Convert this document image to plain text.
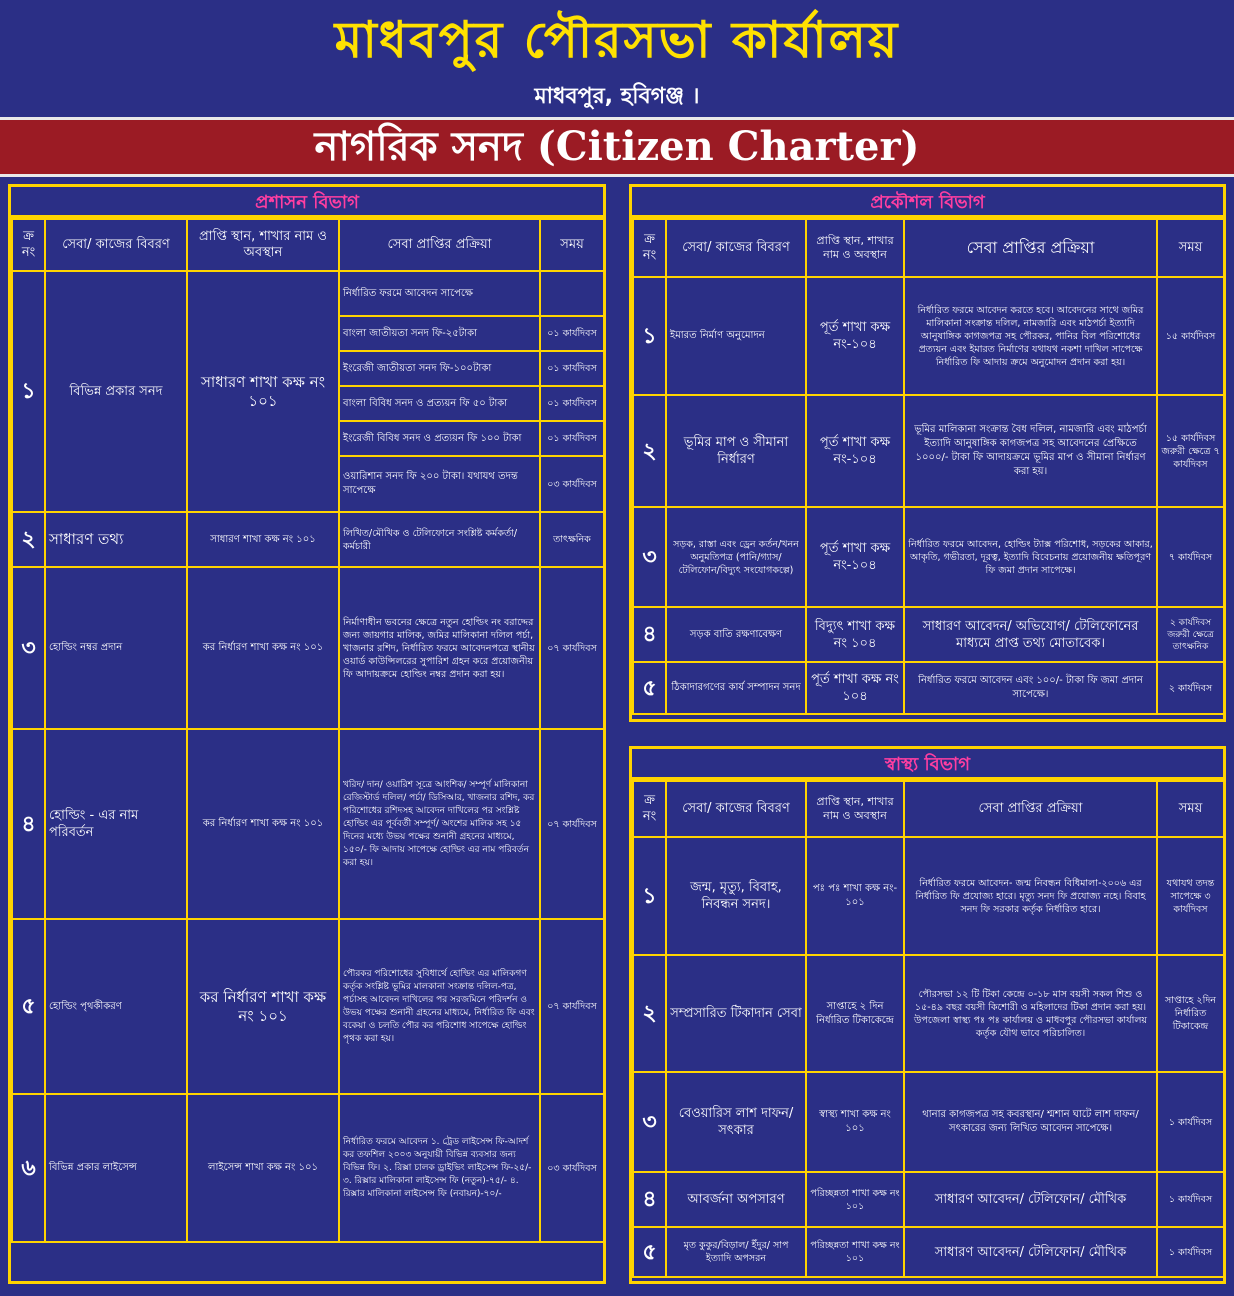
মাধবপুর পৌরসভা কার্যালয়
মাধবপুর, হবিগঞ্জ ।
নাগরিক সনদ (Citizen Charter)
প্রশাসন বিভাগ
ক্র নং	সেবা/ কাজের বিবরণ	প্রাপ্তি স্থান, শাখার নাম ও অবস্থান	সেবা প্রাপ্তির প্রক্রিয়া	সময়
১	বিভিন্ন প্রকার সনদ	সাধারণ শাখা কক্ষ নং ১০১	নির্ধারিত ফরমে আবেদন সাপেক্ষে	
			বাংলা জাতীয়তা সনদ ফি-২৫টাকা	০১ কার্যদিবস
			ইংরেজী জাতীয়তা সনদ ফি-১০০টাকা	০১ কার্যদিবস
			বাংলা বিবিধ সনদ ও প্রত্যয়ন ফি ৫০ টাকা	০১ কার্যদিবস
			ইংরেজী বিবিধ সনদ ও প্রত্যয়ন ফি ১০০ টাকা	০১ কার্যদিবস
			ওয়ারিশান সনদ ফি ২০০ টাকা। যথাযথ তদন্ত সাপেক্ষে	০৩ কার্যদিবস
২	সাধারণ তথ্য	সাধারণ শাখা কক্ষ নং ১০১	লিখিত/মৌখিক ও টেলিফোনে সংশ্লিষ্ট কর্মকর্তা/কর্মচারী	তাৎক্ষনিক
৩	হোল্ডিং নম্বর প্রদান	কর নির্ধারণ শাখা কক্ষ নং ১০১	নির্মাণাধীন ভবনের ক্ষেত্রে নতুন হোল্ডিং নং বরাদ্দের জন্য জায়গার মালিক, জমির মালিকানা দলিল পর্চা, খাজনার রশিদ, নির্ধারিত ফরমে আবেদনপত্রে স্থানীয় ওয়ার্ড কাউন্সিলরের সুপারিশ গ্রহন করে প্রয়োজনীয় ফি আদায়ক্রমে হোল্ডিং নম্বর প্রদান করা হয়।	০৭ কার্যদিবস
৪	হোল্ডিং - এর নাম পরিবর্তন	কর নির্ধারণ শাখা কক্ষ নং ১০১	খরিদ/ দান/ ওয়ারিশ সূত্রে আংশিক/ সম্পূর্ণ মালিকানা রেজিস্টার্ড দলিল/ পর্চা/ ডিসিআর, খাজনার রশিদ, কর পরিশোধের রশিদসহ আবেদন দাখিলের পর সংশ্লিষ্ট হোল্ডিং এর পূর্ববর্তী সম্পূর্ণ/ অংশের মালিক সহ ১৫ দিনের মধ্যে উভয় পক্ষের শুনানী গ্রহনের মাধ্যমে, ১৫০/- ফি আদায় সাপেক্ষে হোল্ডিং এর নাম পরিবর্তন করা হয়।	০৭ কার্যদিবস
৫	হোল্ডিং পৃথকীকরণ	কর নির্ধারণ শাখা কক্ষ নং ১০১	পৌরকর পরিশোধের সুবিধার্থে হোল্ডিং এর মালিকগণ কর্তৃক সংশ্লিষ্ট ভূমির মালকানা সংক্রান্ত দলিল-পত্র, পর্চাসহ আবেদন দাখিলের পর সরজমিনে পরিদর্শন ও উভয় পক্ষের শুনানী গ্রহনের মাধ্যমে, নির্ধারিত ফি এবং বকেয়া ও চলতি পৌর কর পরিশোধ সাপেক্ষে হোল্ডিং পৃথক করা হয়।	০৭ কার্যদিবস
৬	বিভিন্ন প্রকার লাইসেন্স	লাইসেন্স শাখা কক্ষ নং ১০১	নির্ধারিত ফরমে আবেদন ১. ট্রেড লাইসেন্স ফি-আদর্শ কর তফশিল ২০০৩ অনুযায়ী বিভিন্ন ব্যবসার জন্য বিভিন্ন ফি। ২. রিক্সা চালক ড্রাইভিং লাইসেন্স ফি-২৫/- ৩. রিক্সার মালিকানা লাইসেন্স ফি (নতুন)-৭৫/- ৪. রিক্সার মালিকানা লাইসেন্স ফি (নবায়ন)-৭০/-	০৩ কার্যদিবস
প্রকৌশল বিভাগ
ক্র নং	সেবা/ কাজের বিবরণ	প্রাপ্তি স্থান, শাখার নাম ও অবস্থান	সেবা প্রাপ্তির প্রক্রিয়া	সময়
১	ইমারত নির্মাণ অনুমোদন	পূর্ত শাখা কক্ষ নং-১০৪	নির্ধারিত ফরমে আবেদন করতে হবে। আবেদনের সাথে জমির মালিকানা সংক্রান্ত দলিল, নামজারি এবং মাঠপর্চা ইত্যাদি আনুষাঙ্গিক কাগজপত্র সহ পৌরকর, পানির বিল পরিশোধের প্রত্যয়ন এবং ইমারত নির্মাণের যথাযথ নকশা দাখিল সাপেক্ষে নির্ধারিত ফি আদায় ক্রমে অনুমোদন প্রদান করা হয়।	১৫ কার্যদিবস
২	ভূমির মাপ ও সীমানা নির্ধারণ	পূর্ত শাখা কক্ষ নং-১০৪	ভূমির মালিকানা সংক্রান্ত বৈধ দলিল, নামজারি এবং মাঠপর্চা ইত্যাদি আনুষাঙ্গিক কাগজপত্র সহ আবেদনের প্রেক্ষিতে ১০০০/- টাকা ফি আদায়ক্রমে ভূমির মাপ ও সীমানা নির্ধারণ করা হয়।	১৫ কার্যদিবস জরুরী ক্ষেত্রে ৭ কার্যদিবস
৩	সড়ক, রাস্তা এবং ড্রেন কর্তন/খনন অনুমতিপত্র (পানি/গ্যাস/টেলিফোন/বিদ্যুৎ সংযোগকল্পে)	পূর্ত শাখা কক্ষ নং-১০৪	নির্ধারিত ফরমে আবেদন, হোল্ডিং ট্যাক্স পরিশোধ, সড়কের আকার, আকৃতি, গভীরতা, দূরত্ব, ইত্যাদি বিবেচনায় প্রয়োজনীয় ক্ষতিপূরণ ফি জমা প্রদান সাপেক্ষে।	৭ কার্যদিবস
৪	সড়ক বাতি রক্ষণাবেক্ষণ	বিদ্যুৎ শাখা কক্ষ নং ১০৪	সাধারণ আবেদন/ অভিযোগ/ টেলিফোনের মাধ্যমে প্রাপ্ত তথ্য মোতাবেক।	২ কার্যদিবস জরুরী ক্ষেত্রে তাৎক্ষনিক
৫	ঠিকাদারগণের কার্য সম্পাদন সনদ	পূর্ত শাখা কক্ষ নং ১০৪	নির্ধারিত ফরমে আবেদন এবং ১০০/- টাকা ফি জমা প্রদান সাপেক্ষে।	২ কার্যদিবস
স্বাস্থ্য বিভাগ
ক্র নং	সেবা/ কাজের বিবরণ	প্রাপ্তি স্থান, শাখার নাম ও অবস্থান	সেবা প্রাপ্তির প্রক্রিয়া	সময়
১	জন্ম, মৃত্যু, বিবাহ, নিবন্ধন সনদ।	পঃ পঃ শাখা কক্ষ নং- ১০১	নির্ধারিত ফরমে আবেদন- জন্ম নিবন্ধন বিধিমালা-২০০৬ এর নির্ধারিত ফি প্রযোজ্য হারে। মৃত্যু সনদ ফি প্রযোজ্য নহে। বিবাহ সনদ ফি সরকার কর্তৃক নির্ধারিত হারে।	যথাযথ তদন্ত সাপেক্ষে ৩ কার্যদিবস
২	সম্প্রসারিত টিকাদান সেবা	সাপ্তাহে ২ দিন নির্ধারিত টিকাকেন্দ্রে	পৌরসভা ১২ টি টিকা কেন্দ্রে ০-১৮ মাস বয়সী সকল শিশু ও ১৫-৪৯ বছর বয়সী কিশোরী ও মহিলাদের টিকা প্রদান করা হয়। উপজেলা স্বাস্থ্য পঃ পঃ কার্যালয় ও মাধবপুর পৌরসভা কার্যালয় কর্তৃক যৌথ ভাবে পরিচালিত।	সাপ্তাহে ২দিন নির্ধারিত টিকাকেন্দ্র
৩	বেওয়ারিস লাশ দাফন/ সৎকার	স্বাস্থ্য শাখা কক্ষ নং ১০১	থানার কাগজপত্র সহ কবরস্থান/ শ্মশান ঘাটে লাশ দাফন/ সৎকারের জন্য লিখিত আবেদন সাপেক্ষে।	১ কার্যদিবস
৪	আবর্জনা অপসারণ	পরিচ্ছন্নতা শাখা কক্ষ নং ১০১	সাধারণ আবেদন/ টেলিফোন/ মৌখিক	১ কার্যদিবস
৫	মৃত কুকুর/বিড়াল/ ইঁদুর/ সাপ ইত্যাদি অপসরন	পরিচ্ছন্নতা শাখা কক্ষ নং ১০১	সাধারণ আবেদন/ টেলিফোন/ মৌখিক	১ কার্যদিবস
